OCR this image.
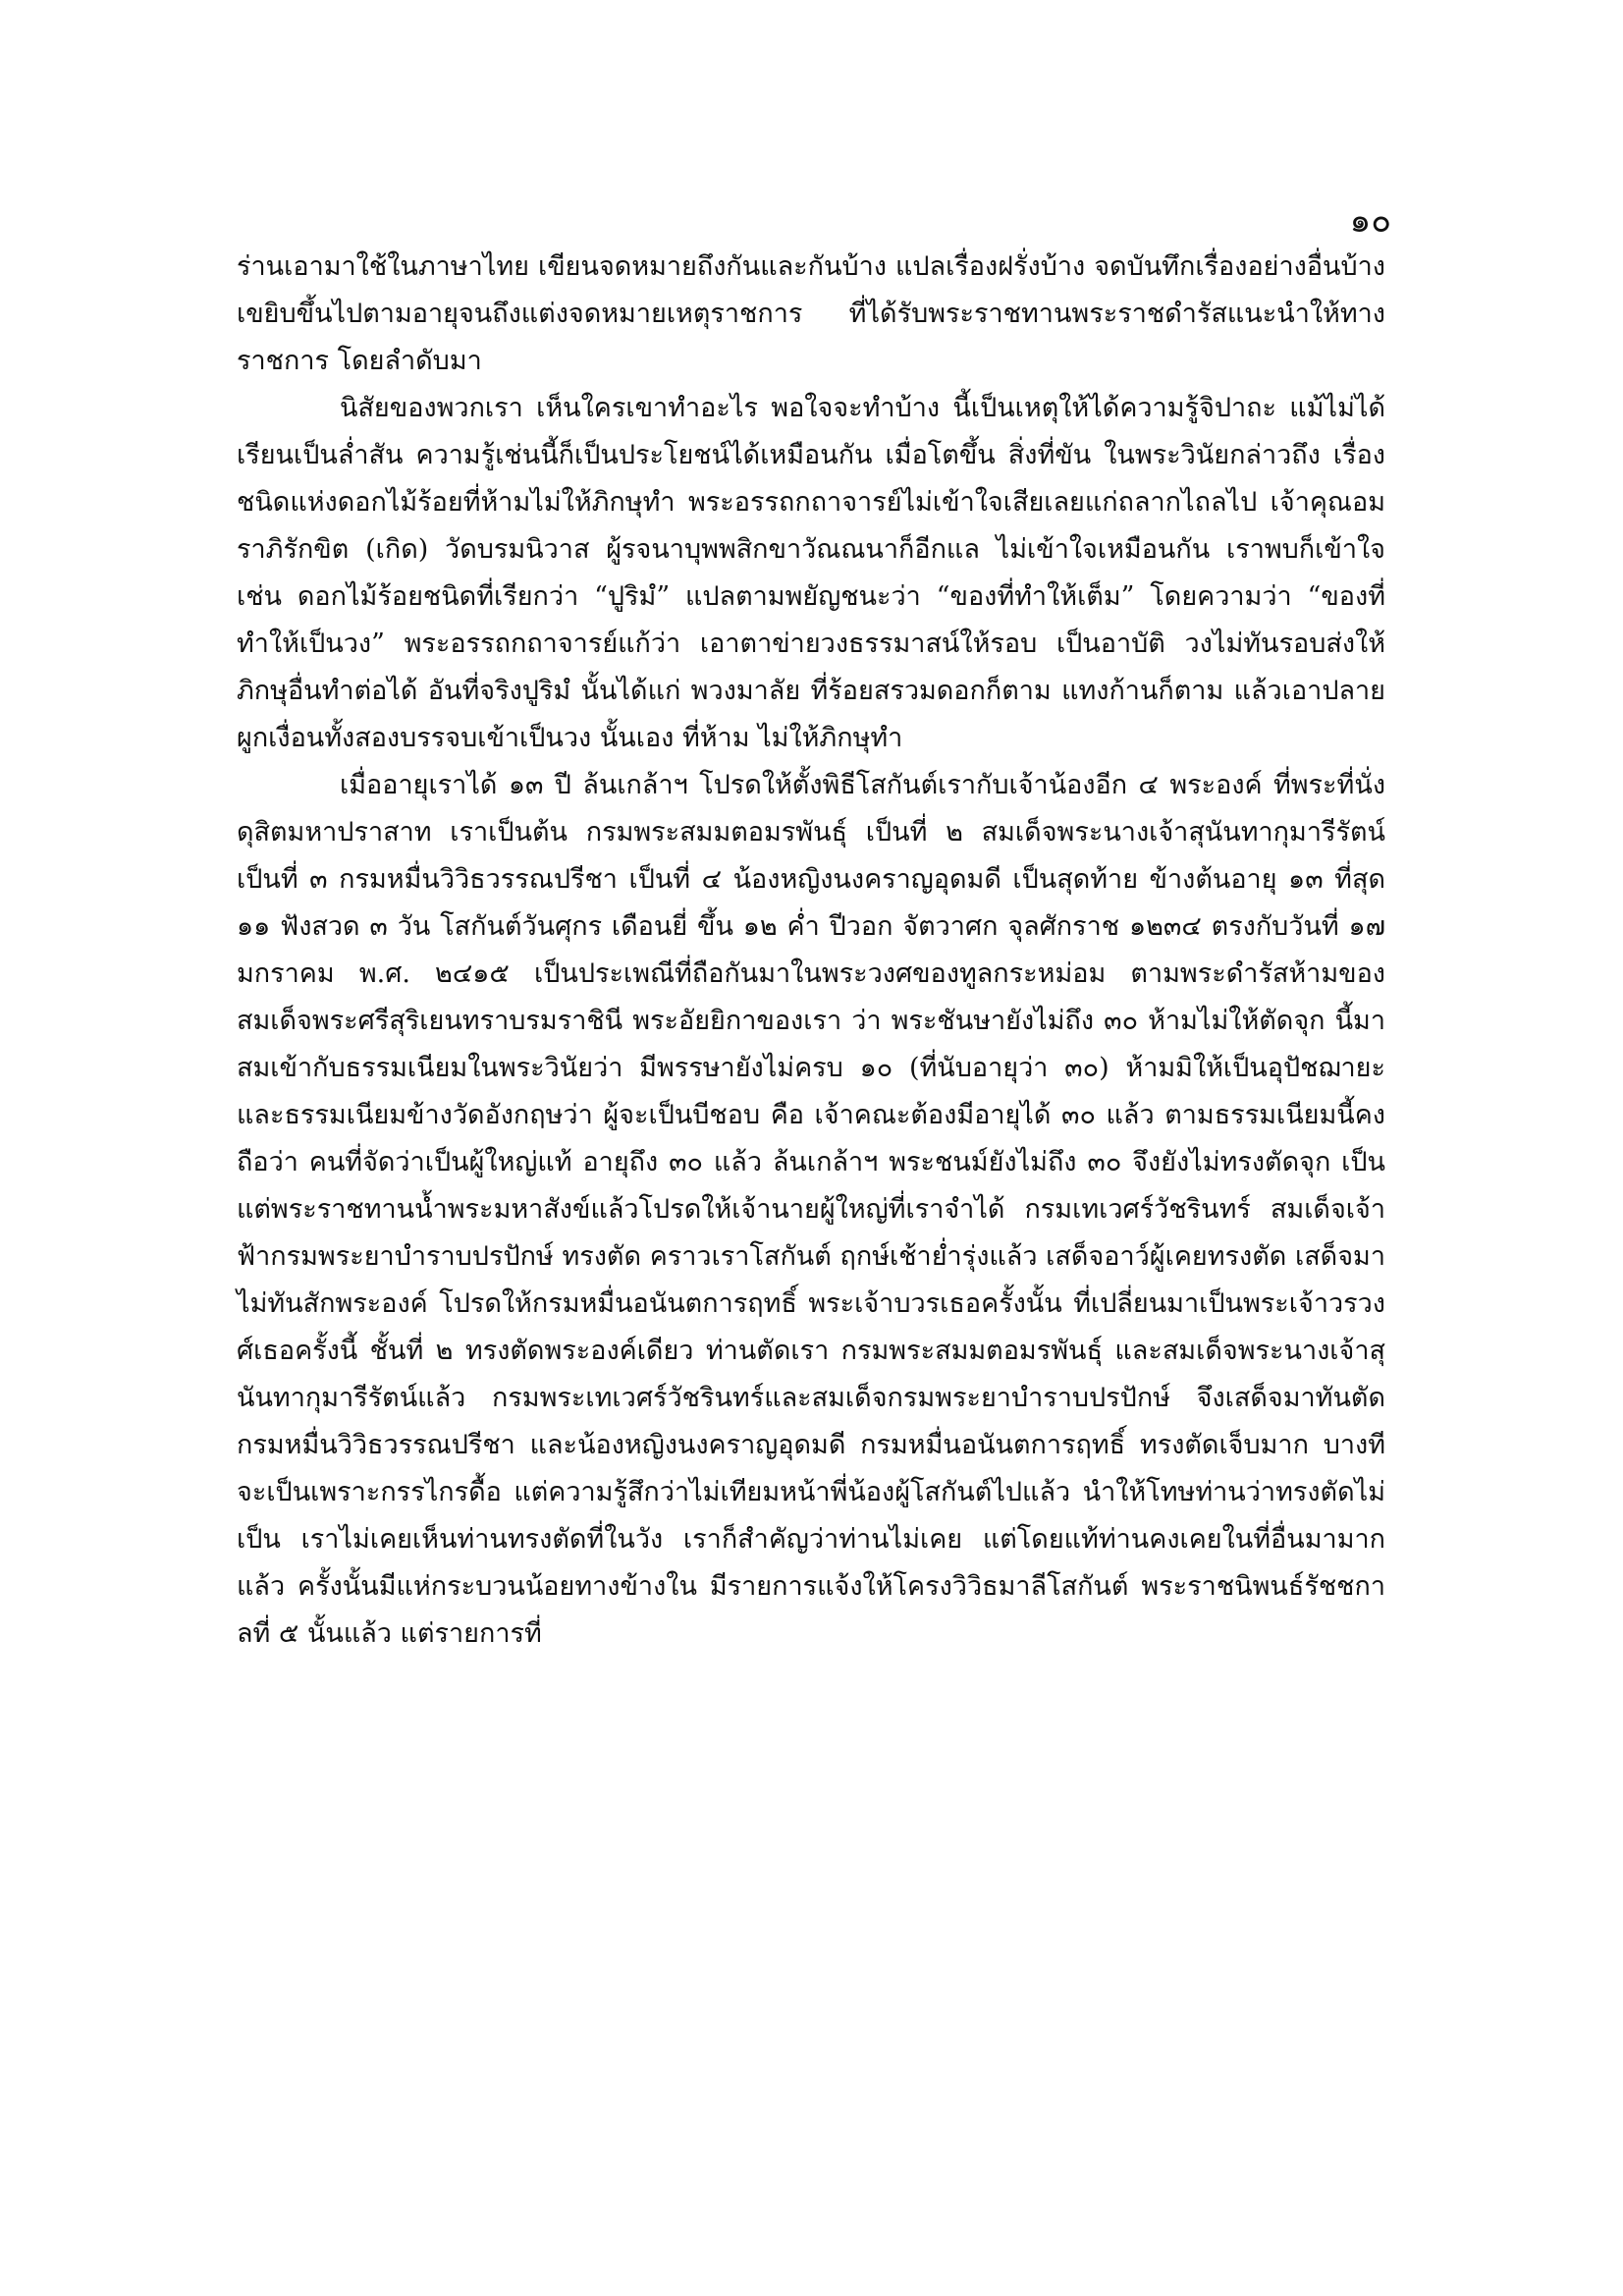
๑๐

ร่านเอามาใช้ในภาษาไทย เขียนจดหมายถึงกันและกันบ้าง แปลเรื่องฝรั่งบ้าง จดบันทึกเรื่องอย่างอื่นบ้าง เขยิบขึ้นไปตามอายุจนถึงแต่งจดหมายเหตุราชการ ที่ได้รับพระราชทานพระราชดำรัสแนะนำให้ทางราชการ โดยลำดับมา

นิสัยของพวกเรา เห็นใครเขาทำอะไร พอใจจะทำบ้าง นี้เป็นเหตุให้ได้ความรู้จิปาถะ แม้ไม่ได้เรียนเป็นล่ำสัน ความรู้เช่นนี้ก็เป็นประโยชน์ได้เหมือนกัน เมื่อโตขึ้น สิ่งที่ขัน ในพระวินัยกล่าวถึง เรื่องชนิดแห่งดอกไม้ร้อยที่ห้ามไม่ให้ภิกษุทำ พระอรรถกถาจารย์ไม่เข้าใจเสียเลยแก่ถลากไถลไป เจ้าคุณอมราภิรักขิต (เกิด) วัดบรมนิวาส ผู้รจนาบุพพสิกขาวัณณนาก็อีกแล ไม่เข้าใจเหมือนกัน เราพบก็เข้าใจ เช่น ดอกไม้ร้อยชนิดที่เรียกว่า “ปูริมํ” แปลตามพยัญชนะว่า “ของที่ทำให้เต็ม” โดยความว่า “ของที่ทำให้เป็นวง” พระอรรถกถาจารย์แก้ว่า เอาตาข่ายวงธรรมาสน์ให้รอบ เป็นอาบัติ วงไม่ทันรอบส่งให้ภิกษุอื่นทำต่อได้ อันที่จริงปูริมํ นั้นได้แก่ พวงมาลัย ที่ร้อยสรวมดอกก็ตาม แทงก้านก็ตาม แล้วเอาปลายผูกเงื่อนทั้งสองบรรจบเข้าเป็นวง นั้นเอง ที่ห้าม ไม่ให้ภิกษุทำ

เมื่ออายุเราได้ ๑๓ ปี ล้นเกล้าฯ โปรดให้ตั้งพิธีโสกันต์เรากับเจ้าน้องอีก ๔ พระองค์ ที่พระที่นั่งดุสิตมหาปราสาท เราเป็นต้น กรมพระสมมตอมรพันธุ์ เป็นที่ ๒ สมเด็จพระนางเจ้าสุนันทากุมารีรัตน์ เป็นที่ ๓ กรมหมื่นวิวิธวรรณปรีชา เป็นที่ ๔ น้องหญิงนงคราญอุดมดี เป็นสุดท้าย ข้างต้นอายุ ๑๓ ที่สุด ๑๑ ฟังสวด ๓ วัน โสกันต์วันศุกร เดือนยี่ ขึ้น ๑๒ ค่ำ ปีวอก จัตวาศก จุลศักราช ๑๒๓๔ ตรงกับวันที่ ๑๗ มกราคม พ.ศ. ๒๔๑๕ เป็นประเพณีที่ถือกันมาในพระวงศของทูลกระหม่อม ตามพระดำรัสห้ามของสมเด็จพระศรีสุริเยนทราบรมราชินี พระอัยยิกาของเรา ว่า พระชันษายังไม่ถึง ๓๐ ห้ามไม่ให้ตัดจุก นี้มาสมเข้ากับธรรมเนียมในพระวินัยว่า มีพรรษายังไม่ครบ ๑๐ (ที่นับอายุว่า ๓๐) ห้ามมิให้เป็นอุปัชฌายะ และธรรมเนียมข้างวัดอังกฤษว่า ผู้จะเป็นบีชอบ คือ เจ้าคณะต้องมีอายุได้ ๓๐ แล้ว ตามธรรมเนียมนี้คงถือว่า คนที่จัดว่าเป็นผู้ใหญ่แท้ อายุถึง ๓๐ แล้ว ล้นเกล้าฯ พระชนม์ยังไม่ถึง ๓๐ จึงยังไม่ทรงตัดจุก เป็นแต่พระราชทานน้ำพระมหาสังข์แล้วโปรดให้เจ้านายผู้ใหญ่ที่เราจำได้ กรมเทเวศร์วัชรินทร์ สมเด็จเจ้าฟ้ากรมพระยาบำราบปรปักษ์ ทรงตัด คราวเราโสกันต์ ฤกษ์เช้าย่ำรุ่งแล้ว เสด็จอาว์ผู้เคยทรงตัด เสด็จมาไม่ทันสักพระองค์ โปรดให้กรมหมื่นอนันตการฤทธิ์ พระเจ้าบวรเธอครั้งนั้น ที่เปลี่ยนมาเป็นพระเจ้าวรวงศ์เธอครั้งนี้ ชั้นที่ ๒ ทรงตัดพระองค์เดียว ท่านตัดเรา กรมพระสมมตอมรพันธุ์ และสมเด็จพระนางเจ้าสุนันทากุมารีรัตน์แล้ว กรมพระเทเวศร์วัชรินทร์และสมเด็จกรมพระยาบำราบปรปักษ์ จึงเสด็จมาทันตัดกรมหมื่นวิวิธวรรณปรีชา และน้องหญิงนงคราญอุดมดี กรมหมื่นอนันตการฤทธิ์ ทรงตัดเจ็บมาก บางทีจะเป็นเพราะกรรไกรดื้อ แต่ความรู้สึกว่าไม่เทียมหน้าพี่น้องผู้โสกันต์ไปแล้ว นำให้โทษท่านว่าทรงตัดไม่เป็น เราไม่เคยเห็นท่านทรงตัดที่ในวัง เราก็สำคัญว่าท่านไม่เคย แต่โดยแท้ท่านคงเคยในที่อื่นมามากแล้ว ครั้งนั้นมีแห่กระบวนน้อยทางข้างใน มีรายการแจ้งให้โครงวิวิธมาลีโสกันต์ พระราชนิพนธ์รัชชกาลที่ ๕ นั้นแล้ว แต่รายการที่
